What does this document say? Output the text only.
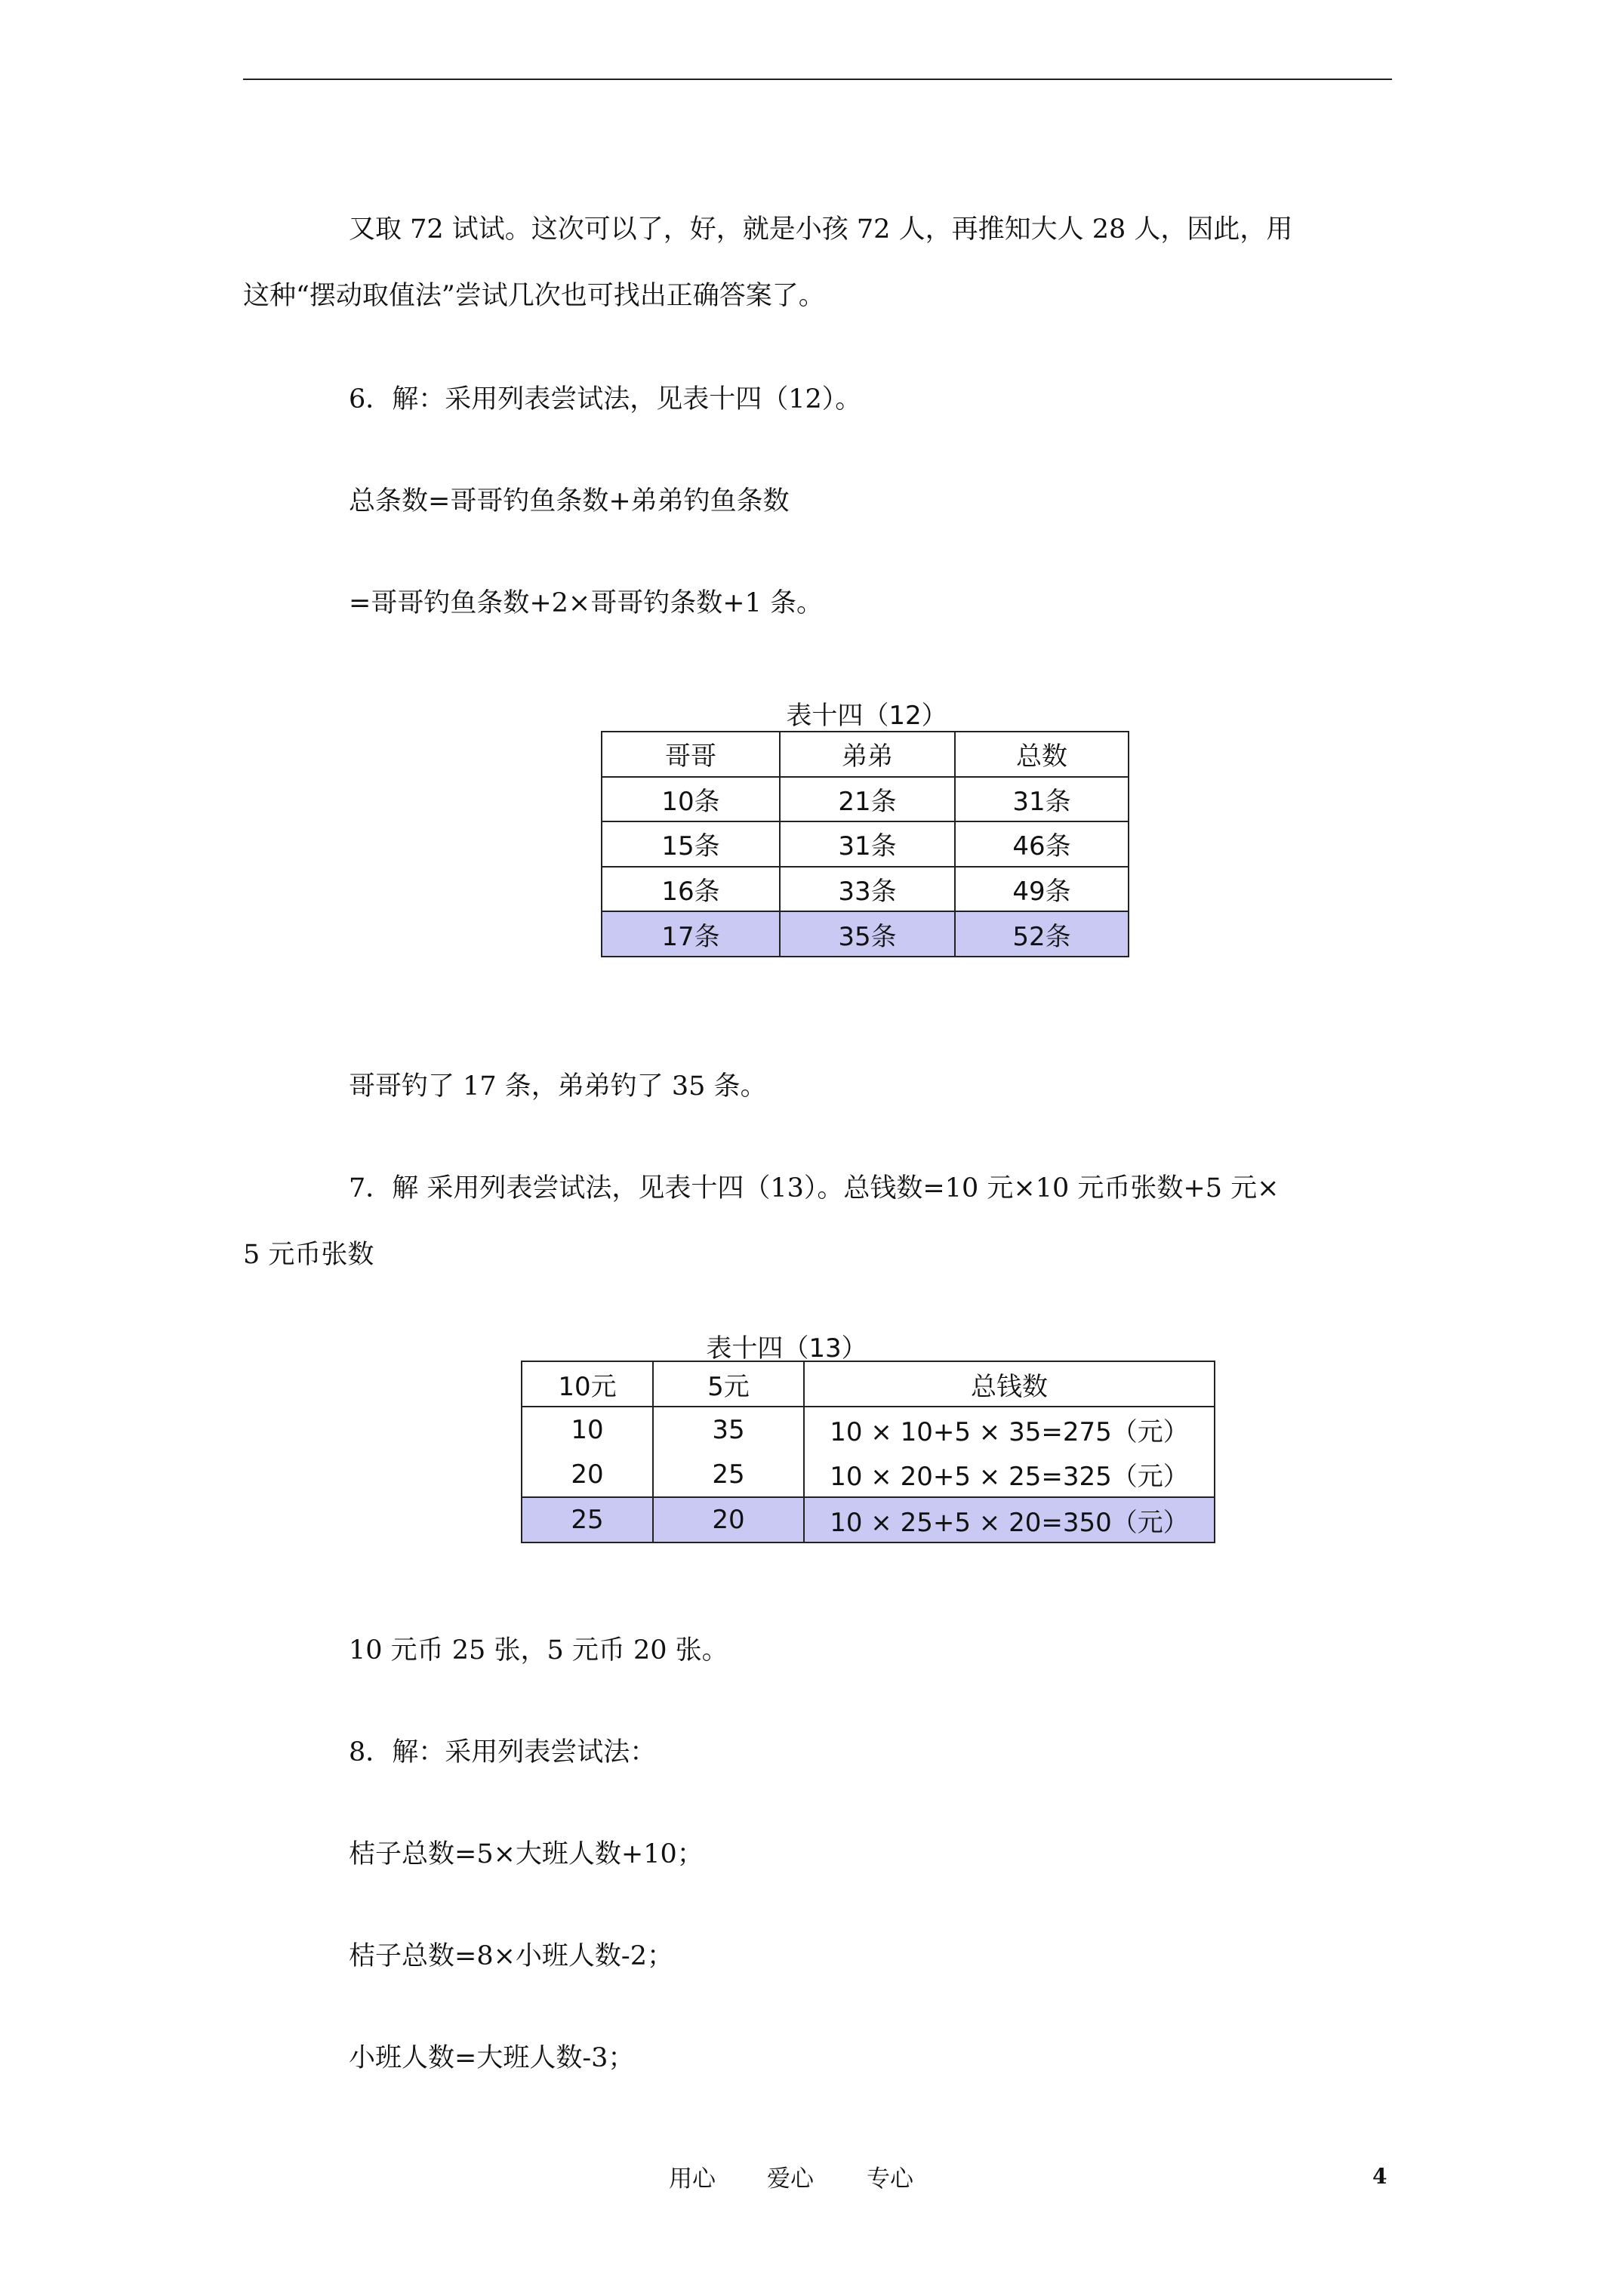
又取 72 试试。这次可以了，好，就是小孩 72 人，再推知大人 28 人，因此，用
这种“摆动取值法”尝试几次也可找出正确答案了。
6．解：采用列表尝试法，见表十四（12）。
总条数=哥哥钓鱼条数+弟弟钓鱼条数
=哥哥钓鱼条数+2×哥哥钓条数+1 条。
表十四（12）
哥哥	弟弟	总数
10条	21条	31条
15条	31条	46条
16条	33条	49条
17条	35条	52条
哥哥钓了 17 条，弟弟钓了 35 条。
7．解 采用列表尝试法，见表十四（13）。总钱数=10 元×10 元币张数+5 元×
5 元币张数
表十四（13）
10元	5元	总钱数
10	35	10 × 10+5 × 35=275（元）
20	25	10 × 20+5 × 25=325（元）
25	20	10 × 25+5 × 20=350（元）
10 元币 25 张，5 元币 20 张。
8．解：采用列表尝试法：
桔子总数=5×大班人数+10；
桔子总数=8×小班人数-2；
小班人数=大班人数-3；
用心 爱心 专心	4
